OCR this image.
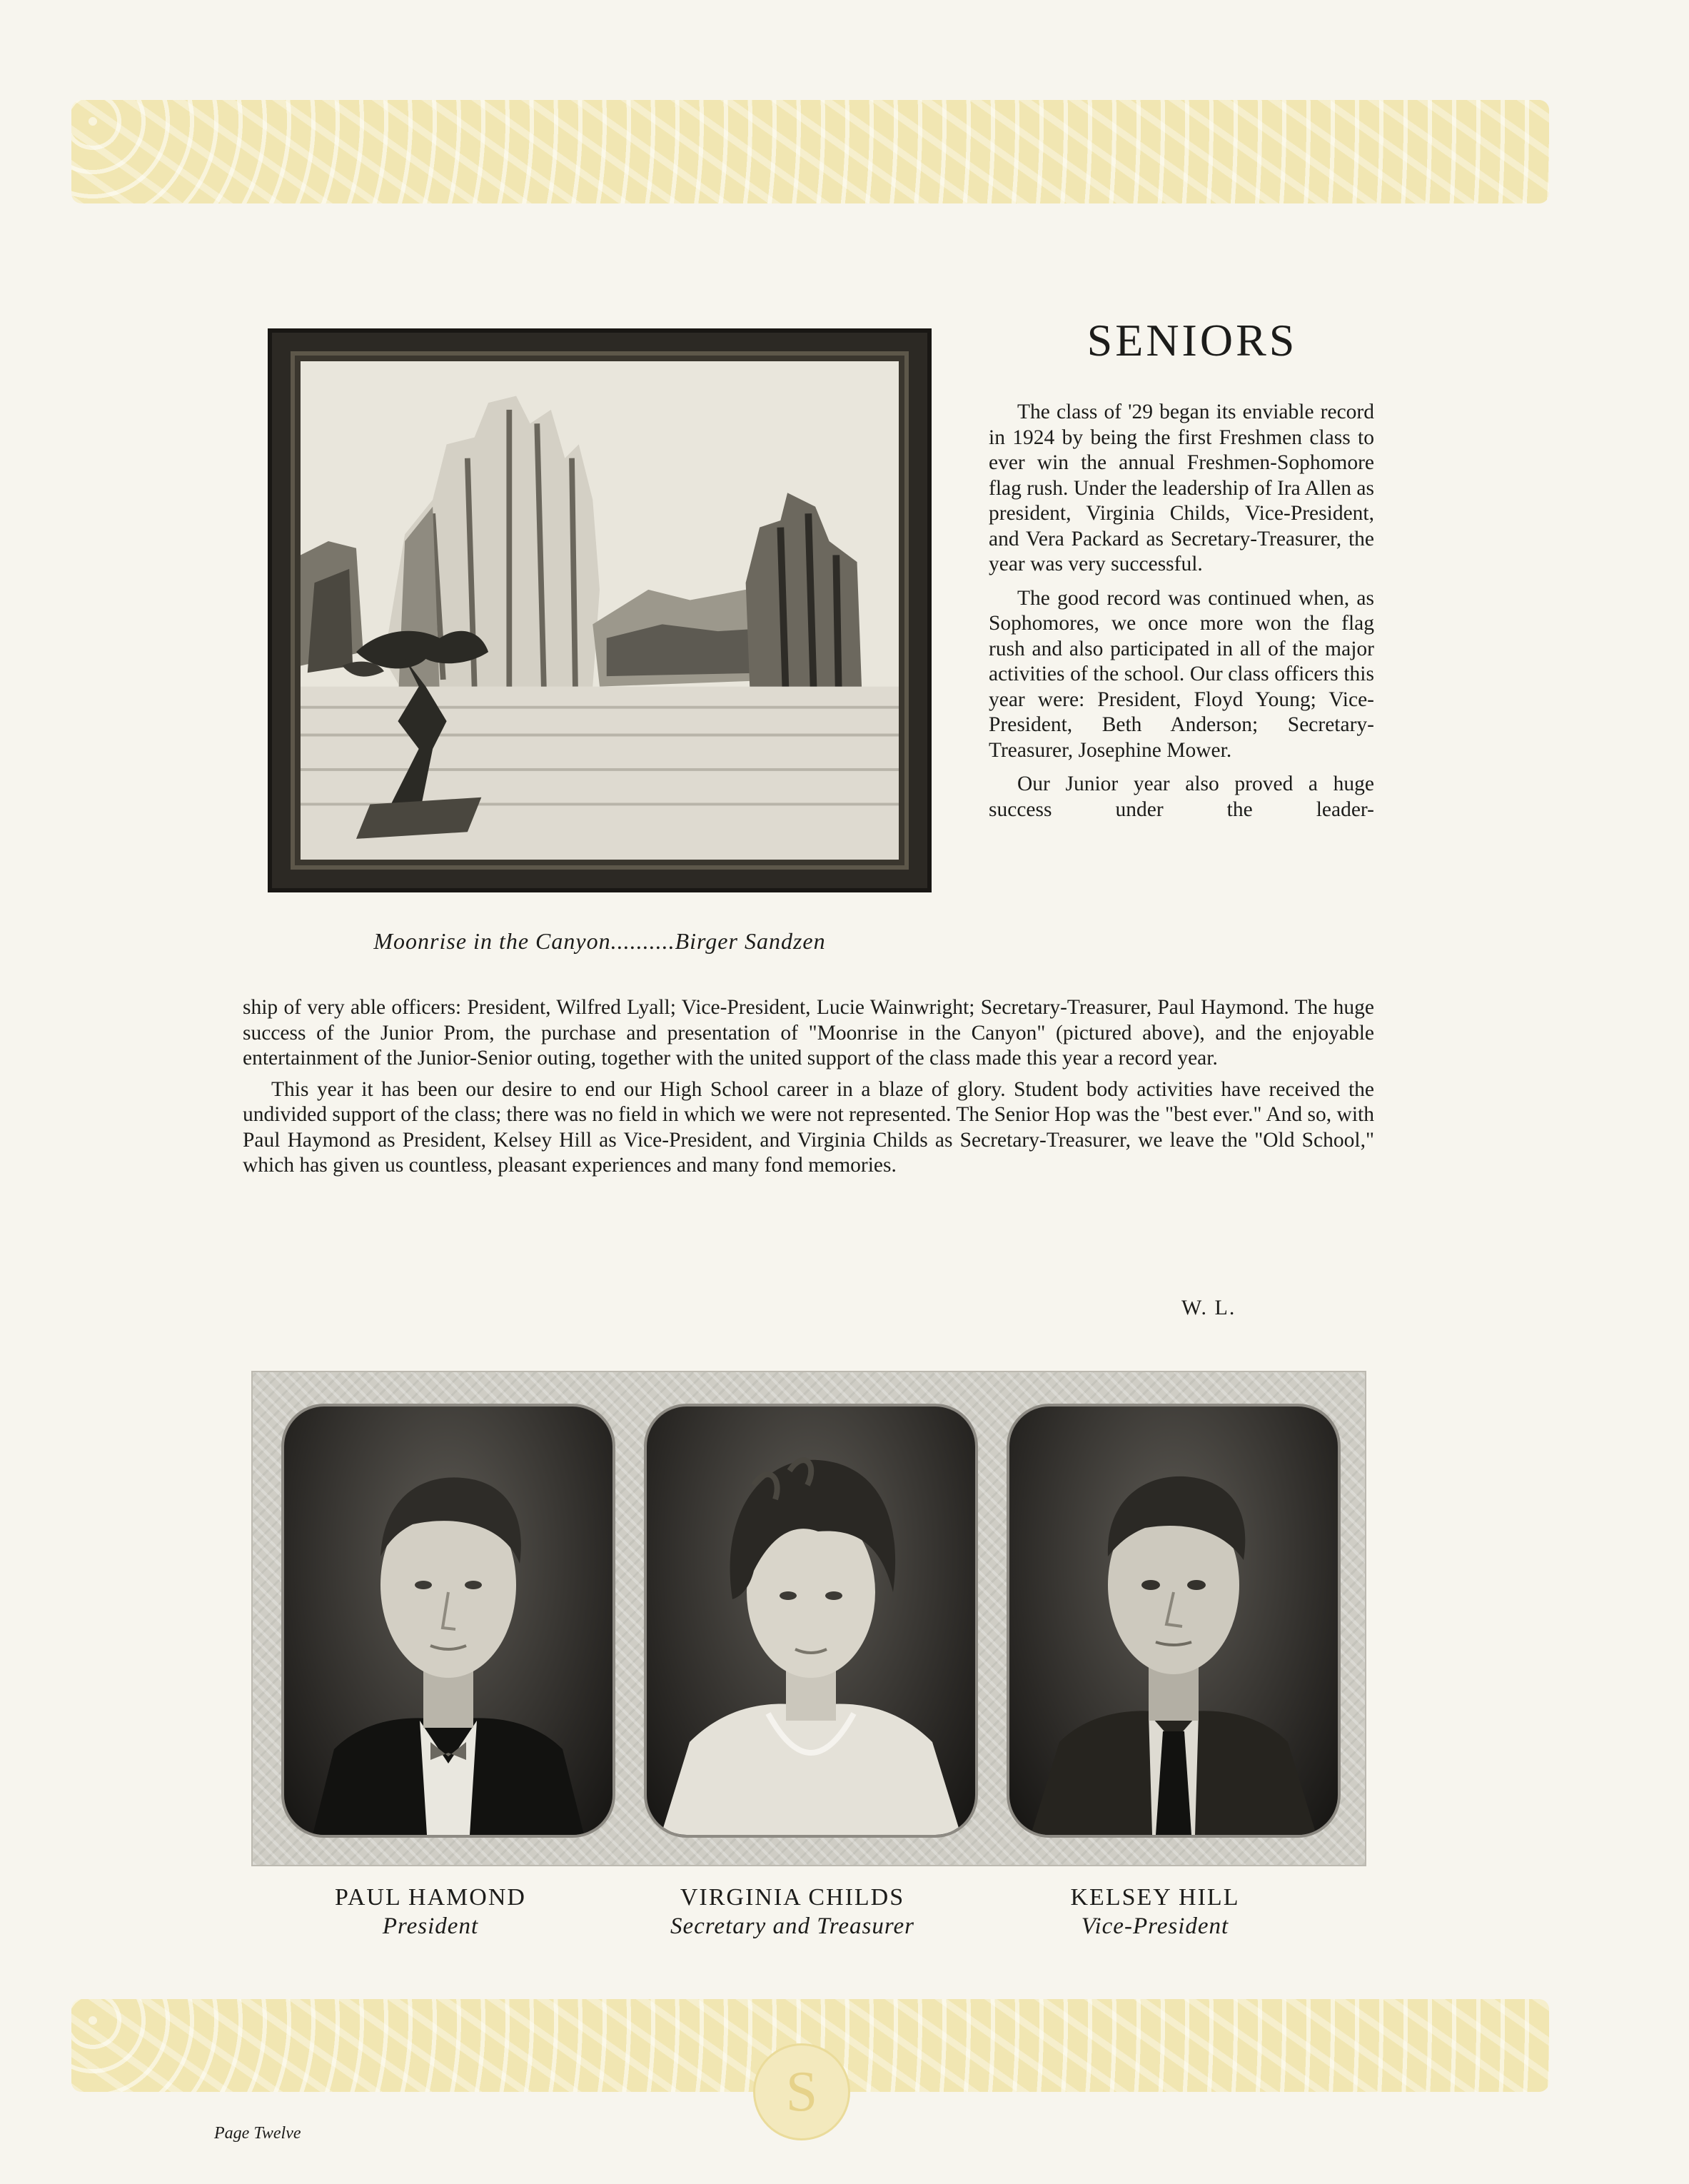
Moonrise in the Canyon..........Birger Sandzen
SENIORS

The class of '29 began its enviable record in 1924 by being the first Freshmen class to ever win the annual Freshmen-Sophomore flag rush. Under the leadership of Ira Allen as president, Virginia Childs, Vice-President, and Vera Packard as Secretary-Treasurer, the year was very successful.

The good record was continued when, as Sophomores, we once more won the flag rush and also participated in all of the major activities of the school. Our class officers this year were: President, Floyd Young; Vice-President, Beth Anderson; Secretary-Treasurer, Josephine Mower.

Our Junior year also proved a huge success under the leader-

ship of very able officers: President, Wilfred Lyall; Vice-President, Lucie Wainwright; Secretary-Treasurer, Paul Haymond. The huge success of the Junior Prom, the purchase and presentation of "Moonrise in the Canyon" (pictured above), and the enjoyable entertainment of the Junior-Senior outing, together with the united support of the class made this year a record year.

This year it has been our desire to end our High School career in a blaze of glory. Student body activities have received the undivided support of the class; there was no field in which we were not represented. The Senior Hop was the "best ever." And so, with Paul Haymond as President, Kelsey Hill as Vice-President, and Virginia Childs as Secretary-Treasurer, we leave the "Old School," which has given us countless, pleasant experiences and many fond memories.

W. L.
PAUL HAMOND
President
VIRGINIA CHILDS
Secretary and Treasurer
KELSEY HILL
Vice-President
S
Page Twelve
